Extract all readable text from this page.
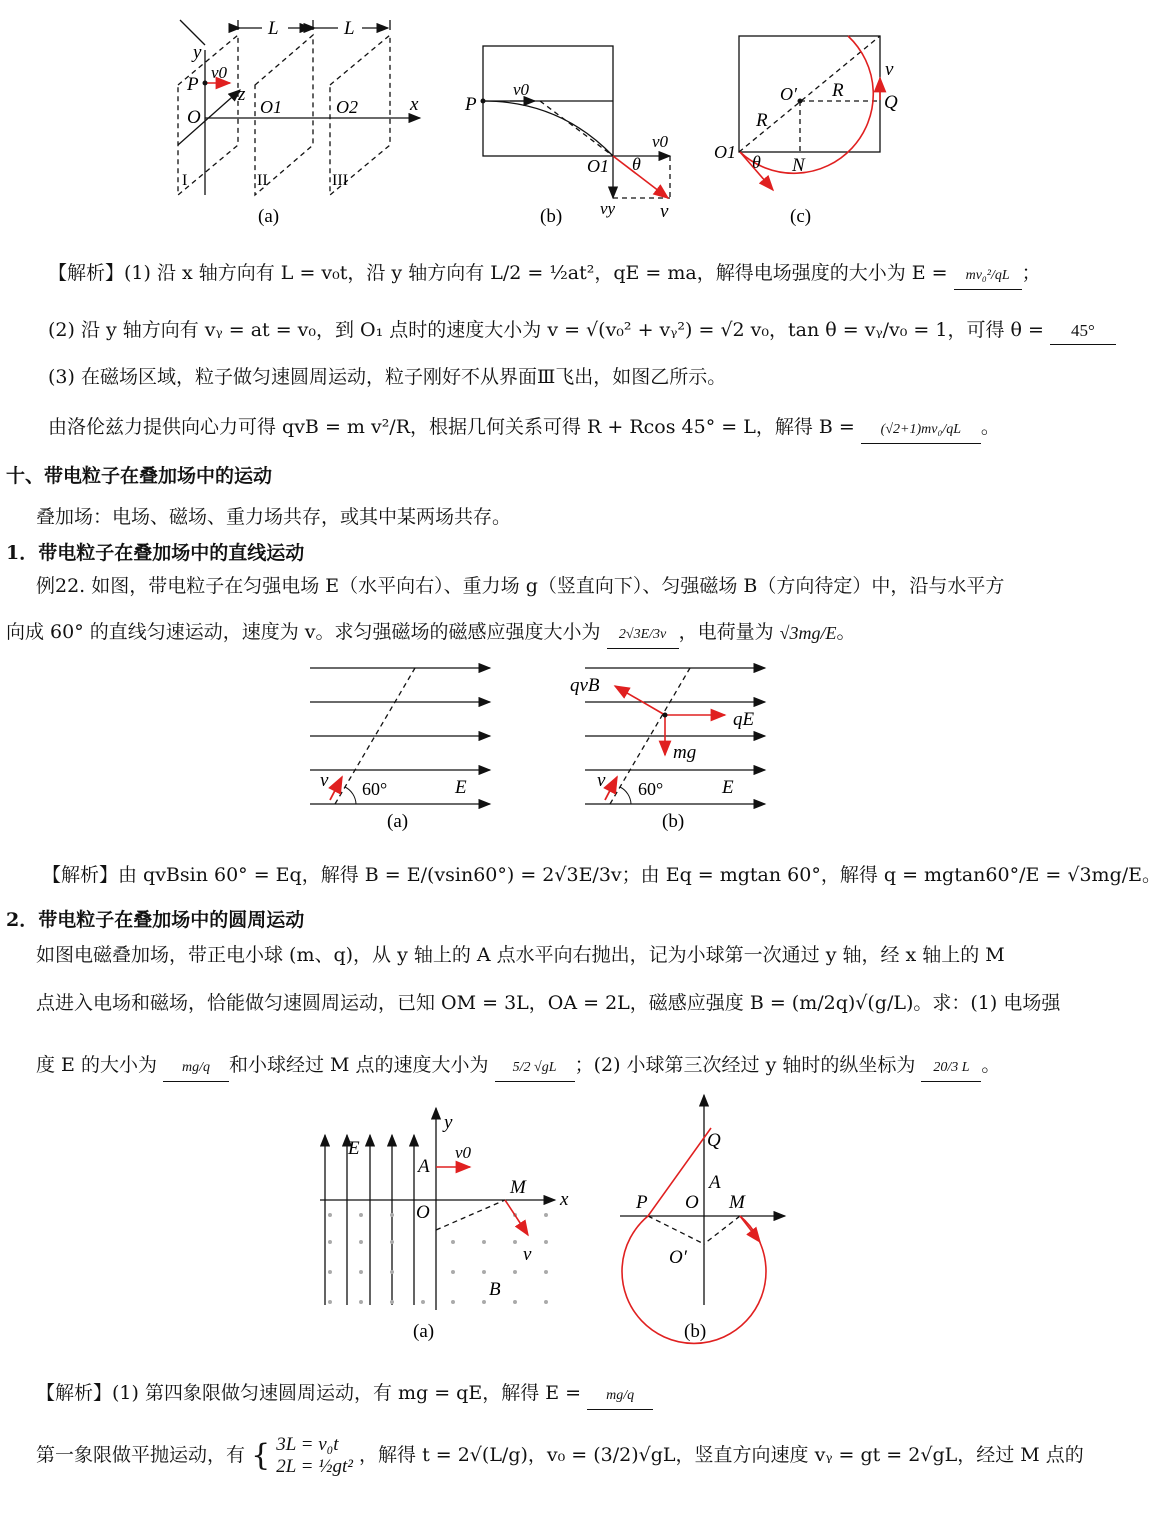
y
P
v0
z
O	O1	O2	x
L	L
I	II	III
(a)
P
v0
v0
O1 θ
vy v
(b)
v
O′ R
R
Q
O1 θ N
(c)
【解析】(1) 沿 x 轴方向有 L = v₀t，沿 y 轴方向有 L/2 = ½at²，qE = ma，解得电场强度的大小为 E = mv₀²/qL ；
(2) 沿 y 轴方向有 vᵧ = at = v₀，到 O₁ 点时的速度大小为 v = √(v₀² + vᵧ²) = √2 v₀，tan θ = vᵧ/v₀ = 1，可得 θ = 45°
(3) 在磁场区域，粒子做匀速圆周运动，粒子刚好不从界面Ⅲ飞出，如图乙所示。
由洛伦兹力提供向心力可得 qvB = m v²/R，根据几何关系可得 R + Rcos 45° = L，解得 B = (√2+1)mv₀/qL 。
十、带电粒子在叠加场中的运动
叠加场：电场、磁场、重力场共存，或其中某两场共存。
1．带电粒子在叠加场中的直线运动
例22. 如图，带电粒子在匀强电场 E（水平向右）、重力场 g（竖直向下）、匀强磁场 B（方向待定）中，沿与水平方
向成 60° 的直线匀速运动，速度为 v。求匀强磁场的磁感应强度大小为 2√3E/3v ，电荷量为 √3mg/E。
v 60°	E
(a)
qvB
qE
mg
v 60°	E
(b)
【解析】由 qvBsin 60° = Eq，解得 B = E/(vsin60°) = 2√3E/3v；由 Eq = mgtan 60°，解得 q = mgtan60°/E = √3mg/E。
2．带电粒子在叠加场中的圆周运动
如图电磁叠加场，带正电小球 (m、q)，从 y 轴上的 A 点水平向右抛出，记为小球第一次通过 y 轴，经 x 轴上的 M
点进入电场和磁场，恰能做匀速圆周运动，已知 OM = 3L，OA = 2L，磁感应强度 B = (m/2q)√(g/L)。求：(1) 电场强
度 E 的大小为 mg/q 和小球经过 M 点的速度大小为 5/2 √gL ；(2) 小球第三次经过 y 轴时的纵坐标为 20/3 L 。
y
E
A
v0
M
x
O
v
B
(a)
Q
A
P O M
O′
(b)
【解析】(1) 第四象限做匀速圆周运动，有 mg = qE，解得 E = mg/q
第一象限做平抛运动，有 { 3L = v₀t
2L = ½gt²
，解得 t = 2√(L/g)，v₀ = (3/2)√gL，竖直方向速度 vᵧ = gt = 2√gL，经过 M 点的
